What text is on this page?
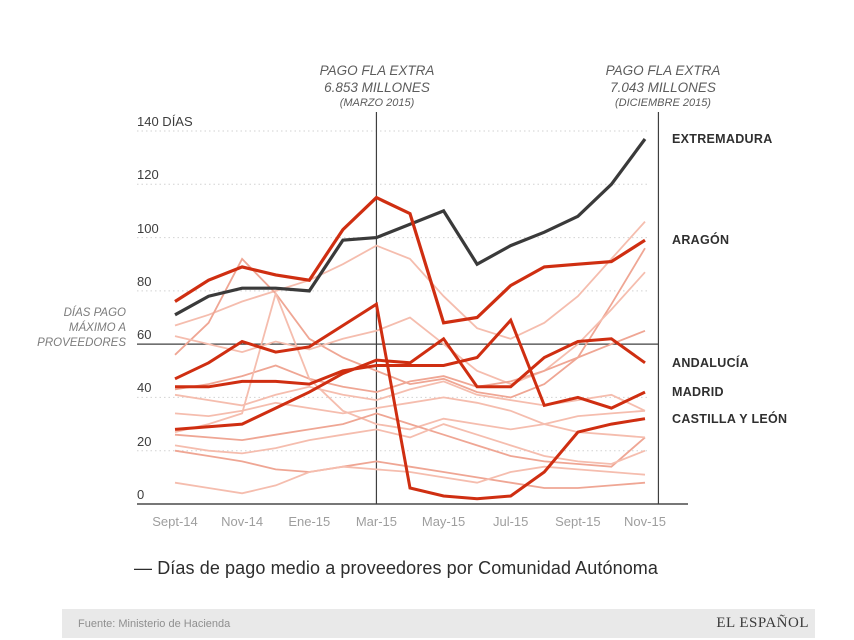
140 DÍAS
120
100
80
60
40
20
0
Sept-14	Nov-14	Ene-15	Mar-15	May-15	Jul-15	Sept-15	Nov-15
EXTREMADURA
ANDALUCÍA
MADRID
CASTILLA Y LEÓN
ARAGÓN
PAGO FLA EXTRA
6.853 MILLONES
(MARZO 2015)
PAGO FLA EXTRA
7.043 MILLONES
(DICIEMBRE 2015)
DÍAS PAGO
MÁXIMO A
PROVEEDORES
— Días de pago medio a proveedores por Comunidad Autónoma
Fuente: Ministerio de Hacienda	EL ESPAÑOL
